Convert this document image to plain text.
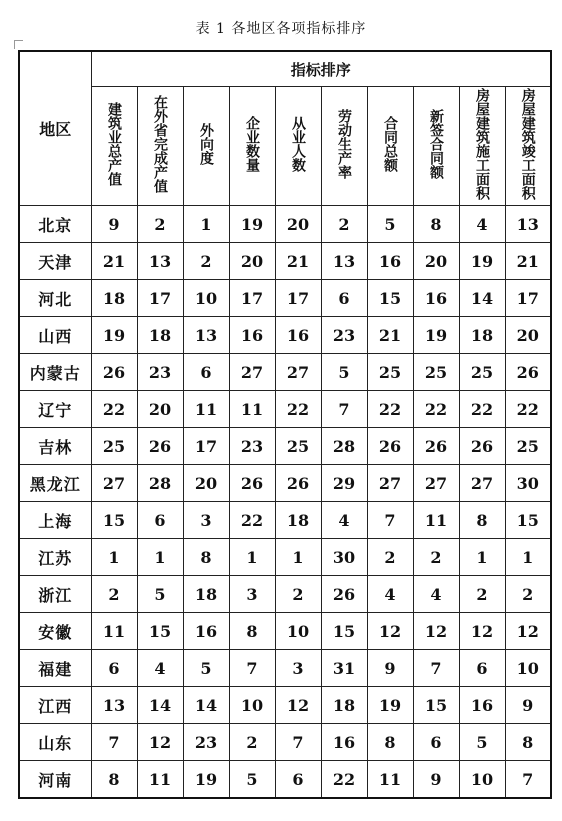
表 1 各地区各项指标排序
地区	指标排序									
	建筑业总产值	在外省完成产值	外向度	企业数量	从业人数	劳动生产率	合同总额	新签合同额	房屋建筑施工面积	房屋建筑竣工面积
北京	9	2	1	19	20	2	5	8	4	13
天津	21	13	2	20	21	13	16	20	19	21
河北	18	17	10	17	17	6	15	16	14	17
山西	19	18	13	16	16	23	21	19	18	20
内蒙古	26	23	6	27	27	5	25	25	25	26
辽宁	22	20	11	11	22	7	22	22	22	22
吉林	25	26	17	23	25	28	26	26	26	25
黑龙江	27	28	20	26	26	29	27	27	27	30
上海	15	6	3	22	18	4	7	11	8	15
江苏	1	1	8	1	1	30	2	2	1	1
浙江	2	5	18	3	2	26	4	4	2	2
安徽	11	15	16	8	10	15	12	12	12	12
福建	6	4	5	7	3	31	9	7	6	10
江西	13	14	14	10	12	18	19	15	16	9
山东	7	12	23	2	7	16	8	6	5	8
河南	8	11	19	5	6	22	11	9	10	7
